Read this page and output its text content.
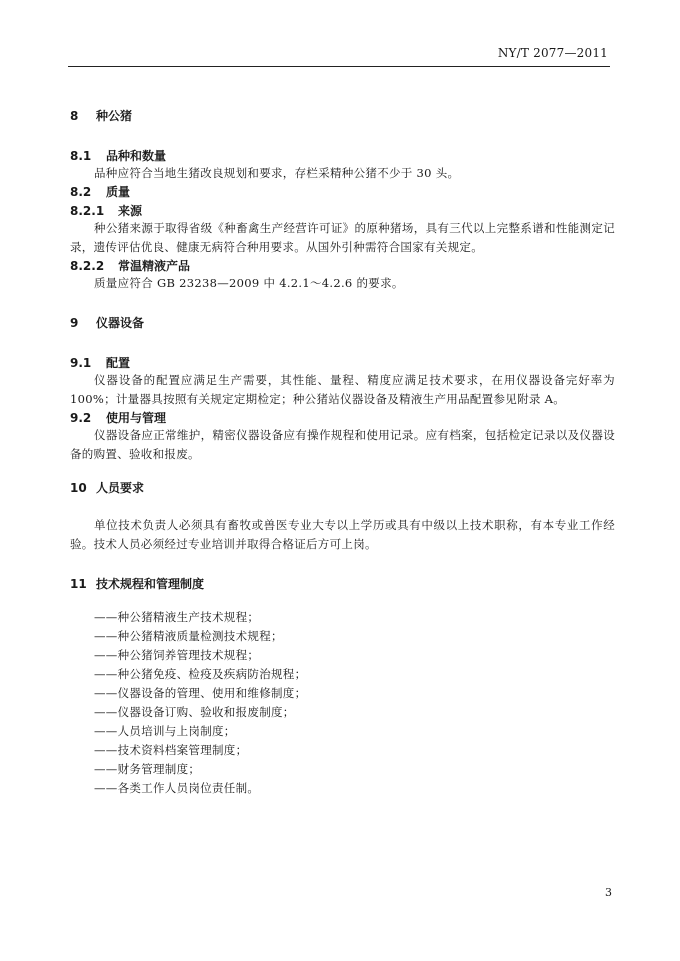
NY/T 2077—2011
8 种公猪
8.1 品种和数量

品种应符合当地生猪改良规划和要求，存栏采精种公猪不少于 30 头。

8.2 质量
8.2.1 来源

种公猪来源于取得省级《种畜禽生产经营许可证》的原种猪场，具有三代以上完整系谱和性能测定记录，遗传评估优良、健康无病符合种用要求。从国外引种需符合国家有关规定。

8.2.2 常温精液产品

质量应符合 GB 23238—2009 中 4.2.1～4.2.6 的要求。

9 仪器设备
9.1 配置

仪器设备的配置应满足生产需要，其性能、量程、精度应满足技术要求，在用仪器设备完好率为 100%；计量器具按照有关规定定期检定；种公猪站仪器设备及精液生产用品配置参见附录 A。

9.2 使用与管理

仪器设备应正常维护，精密仪器设备应有操作规程和使用记录。应有档案，包括检定记录以及仪器设备的购置、验收和报废。

10 人员要求

单位技术负责人必须具有畜牧或兽医专业大专以上学历或具有中级以上技术职称，有本专业工作经验。技术人员必须经过专业培训并取得合格证后方可上岗。

11 技术规程和管理制度
——种公猪精液生产技术规程；
——种公猪精液质量检测技术规程；
——种公猪饲养管理技术规程；
——种公猪免疫、检疫及疾病防治规程；
——仪器设备的管理、使用和维修制度；
——仪器设备订购、验收和报废制度；
——人员培训与上岗制度；
——技术资料档案管理制度；
——财务管理制度；
——各类工作人员岗位责任制。
3
